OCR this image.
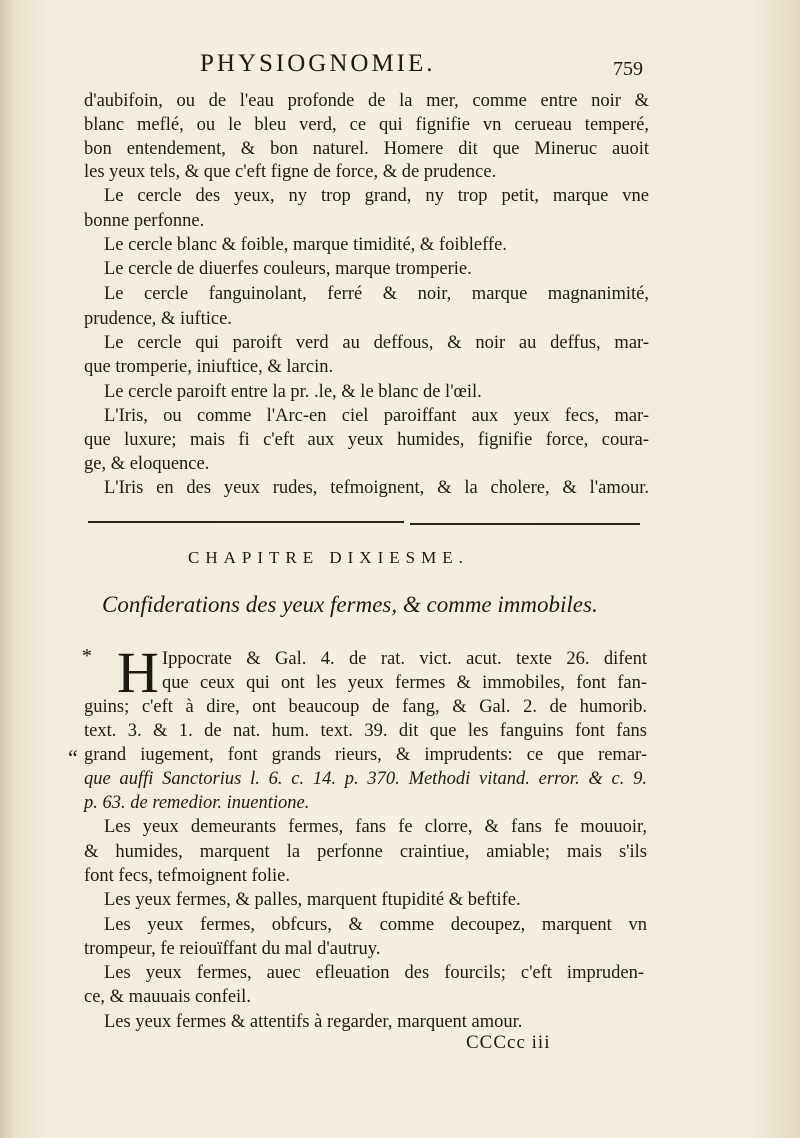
PHYSIOGNOMIE.	759
d'aubifoin, ou de l'eau profonde de la mer, comme entre noir &
blanc meflé, ou le bleu verd, ce qui fignifie vn cerueau temperé,
bon entendement, & bon naturel. Homere dit que Mineruc auoit
les yeux tels, & que c'eft figne de force, & de prudence.
Le cercle des yeux, ny trop grand, ny trop petit, marque vne
bonne perfonne.
Le cercle blanc & foible, marque timidité, & foibleffe.
Le cercle de diuerfes couleurs, marque tromperie.
Le cercle fanguinolant, ferré & noir, marque magnanimité,
prudence, & iuftice.
Le cercle qui paroift verd au deffous, & noir au deffus, mar-
que tromperie, iniuftice, & larcin.
Le cercle paroift entre la pr. .le, & le blanc de l'œil.
L'Iris, ou comme l'Arc-en ciel paroiffant aux yeux fecs, mar-
que luxure; mais fi c'eft aux yeux humides, fignifie force, coura-
ge, & eloquence.
L'Iris en des yeux rudes, tefmoignent, & la cholere, & l'amour.
CHAPITRE DIXIESME.
Confiderations des yeux fermes, & comme immobiles.
* H
“
Ippocrate & Gal. 4. de rat. vict. acut. texte 26. difent
que ceux qui ont les yeux fermes & immobiles, font fan-
guins; c'eft à dire, ont beaucoup de fang, & Gal. 2. de humorib.
text. 3. & 1. de nat. hum. text. 39. dit que les fanguins font fans
grand iugement, font grands rieurs, & imprudents: ce que remar-
que auffi Sanctorius l. 6. c. 14. p. 370. Methodi vitand. error. & c. 9.
p. 63. de remedior. inuentione.
Les yeux demeurants fermes, fans fe clorre, & fans fe mouuoir,
& humides, marquent la perfonne craintiue, amiable; mais s'ils
font fecs, tefmoignent folie.
Les yeux fermes, & palles, marquent ftupidité & beftife.
Les yeux fermes, obfcurs, & comme decoupez, marquent vn
trompeur, fe reiouïffant du mal d'autruy.
Les yeux fermes, auec efleuation des fourcils; c'eft impruden-
ce, & mauuais confeil.
Les yeux fermes & attentifs à regarder, marquent amour.
CCCcc iii
